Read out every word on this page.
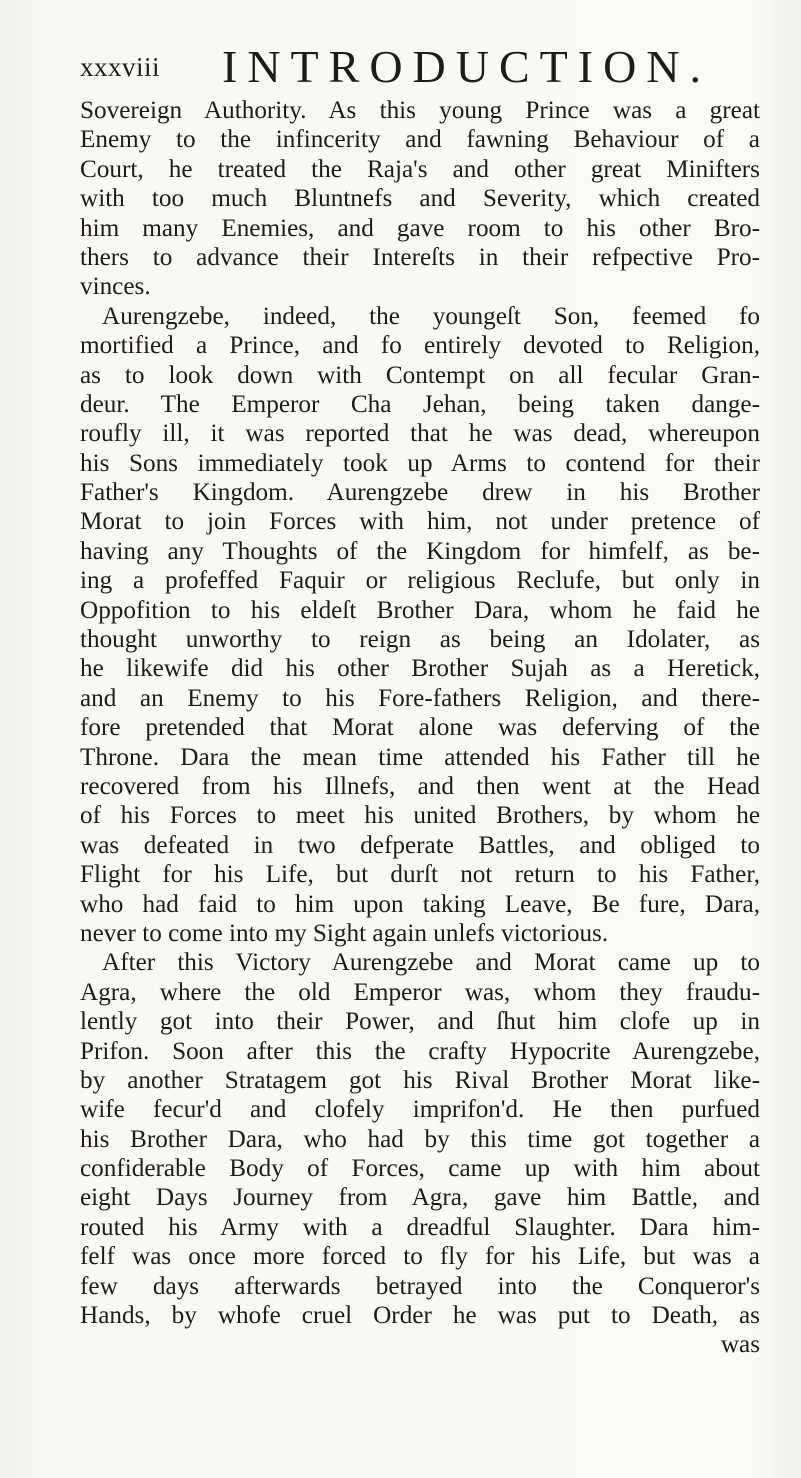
xxxviii INTRODUCTION.
Sovereign Authority. As this young Prince was a great
Enemy to the infincerity and fawning Behaviour of a
Court, he treated the Raja's and other great Minifters
with too much Bluntnefs and Severity, which created
him many Enemies, and gave room to his other Bro-
thers to advance their Intereſts in their refpective Pro-
vinces.
Aurengzebe, indeed, the youngeſt Son, feemed fo
mortified a Prince, and fo entirely devoted to Religion,
as to look down with Contempt on all fecular Gran-
deur. The Emperor Cha Jehan, being taken dange-
roufly ill, it was reported that he was dead, whereupon
his Sons immediately took up Arms to contend for their
Father's Kingdom. Aurengzebe drew in his Brother
Morat to join Forces with him, not under pretence of
having any Thoughts of the Kingdom for himfelf, as be-
ing a profeffed Faquir or religious Reclufe, but only in
Oppofition to his eldeſt Brother Dara, whom he faid he
thought unworthy to reign as being an Idolater, as
he likewife did his other Brother Sujah as a Heretick,
and an Enemy to his Fore-fathers Religion, and there-
fore pretended that Morat alone was deferving of the
Throne. Dara the mean time attended his Father till he
recovered from his Illnefs, and then went at the Head
of his Forces to meet his united Brothers, by whom he
was defeated in two defperate Battles, and obliged to
Flight for his Life, but durſt not return to his Father,
who had faid to him upon taking Leave, Be fure, Dara,
never to come into my Sight again unlefs victorious.
After this Victory Aurengzebe and Morat came up to
Agra, where the old Emperor was, whom they fraudu-
lently got into their Power, and ſhut him clofe up in
Prifon. Soon after this the crafty Hypocrite Aurengzebe,
by another Stratagem got his Rival Brother Morat like-
wife fecur'd and clofely imprifon'd. He then purfued
his Brother Dara, who had by this time got together a
confiderable Body of Forces, came up with him about
eight Days Journey from Agra, gave him Battle, and
routed his Army with a dreadful Slaughter. Dara him-
felf was once more forced to fly for his Life, but was a
few days afterwards betrayed into the Conqueror's
Hands, by whofe cruel Order he was put to Death, as
was
